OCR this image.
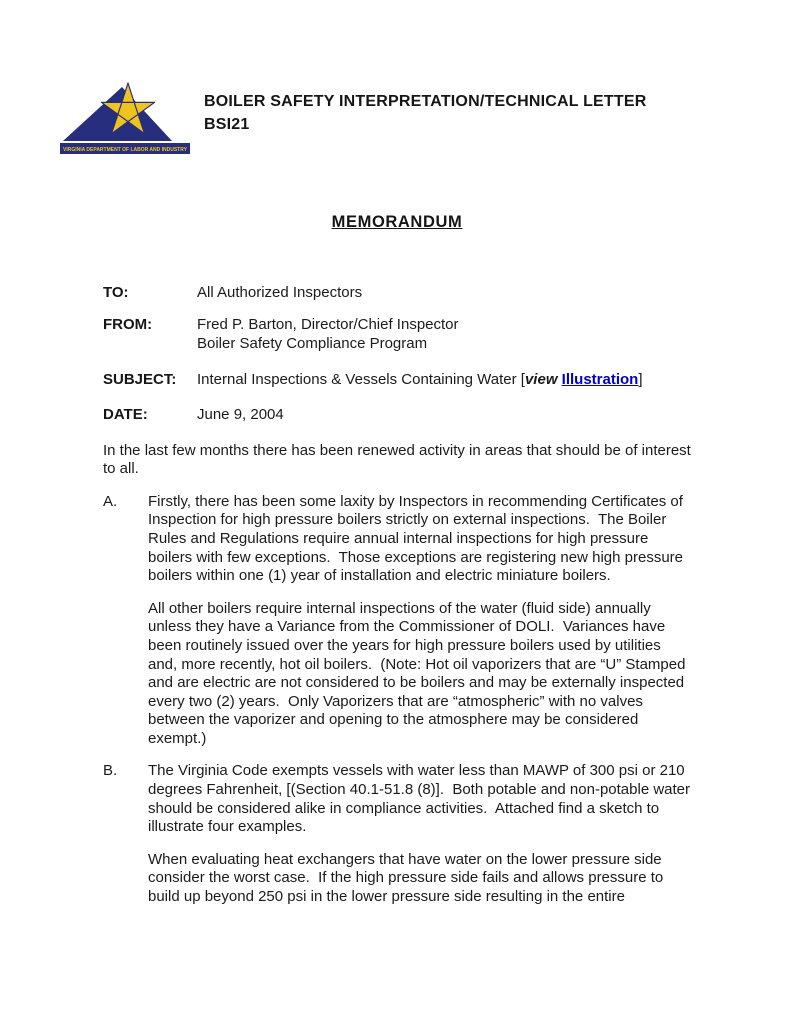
VIRGINIA DEPARTMENT OF LABOR AND INDUSTRY
BOILER SAFETY INTERPRETATION/TECHNICAL LETTER
BSI21
MEMORANDUM
TO:	All Authorized Inspectors
FROM:	Fred P. Barton, Director/Chief Inspector
Boiler Safety Compliance Program
SUBJECT:	Internal Inspections & Vessels Containing Water [view Illustration]
DATE:	June 9, 2004

In the last few months there has been renewed activity in areas that should be of interest to all.

A.	Firstly, there has been some laxity by Inspectors in recommending Certificates of Inspection for high pressure boilers strictly on external inspections.  The Boiler Rules and Regulations require annual internal inspections for high pressure boilers with few exceptions.  Those exceptions are registering new high pressure boilers within one (1) year of installation and electric miniature boilers.

All other boilers require internal inspections of the water (fluid side) annually unless they have a Variance from the Commissioner of DOLI.  Variances have been routinely issued over the years for high pressure boilers used by utilities and, more recently, hot oil boilers.  (Note: Hot oil vaporizers that are “U” Stamped and are electric are not considered to be boilers and may be externally inspected every two (2) years.  Only Vaporizers that are “atmospheric” with no valves between the vaporizer and opening to the atmosphere may be considered exempt.)

B.	The Virginia Code exempts vessels with water less than MAWP of 300 psi or 210 degrees Fahrenheit, [(Section 40.1-51.8 (8)].  Both potable and non-potable water should be considered alike in compliance activities.  Attached find a sketch to illustrate four examples.

When evaluating heat exchangers that have water on the lower pressure side consider the worst case.  If the high pressure side fails and allows pressure to build up beyond 250 psi in the lower pressure side resulting in the entire
